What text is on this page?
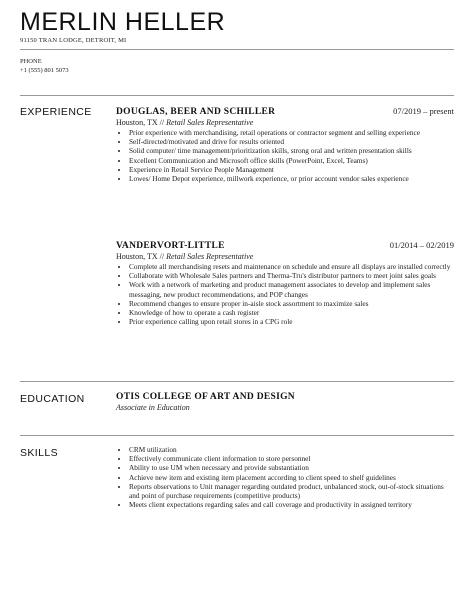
MERLIN HELLER
91150 TRAN LODGE, DETROIT, MI
PHONE
+1 (555) 801 5073
EXPERIENCE	DOUGLAS, BEER AND SCHILLER	07/2019 – present
Houston, TX // Retail Sales Representative
• Prior experience with merchandising, retail operations or contractor segment and selling experience
• Self-directed/motivated and drive for results oriented
• Solid computer/ time management/prioritization skills, strong oral and written presentation skills
• Excellent Communication and Microsoft office skills (PowerPoint, Excel, Teams)
• Experience in Retail Service People Management
• Lowes/ Home Depot experience, millwork experience, or prior account vendor sales experience
VANDERVORT-LITTLE	01/2014 – 02/2019
Houston, TX // Retail Sales Representative
• Complete all merchandising resets and maintenance on schedule and ensure all displays are installed correctly
• Collaborate with Wholesale Sales partners and Therma-Tru's distributor partners to meet joint sales goals
• Work with a network of marketing and product management associates to develop and implement sales messaging, new product recommendations, and POP changes
• Recommend changes to ensure proper in-aisle stock assortment to maximize sales
• Knowledge of how to operate a cash register
• Prior experience calling upon retail stores in a CPG role
EDUCATION	OTIS COLLEGE OF ART AND DESIGN
Associate in Education
SKILLS
•	CRM utilization
• Effectively communicate client information to store personnel
• Ability to use UM when necessary and provide substantiation
• Achieve new item and existing item placement according to client speed to shelf guidelines
• Reports observations to Unit manager regarding outdated product, unbalanced stock, out-of-stock situations and point of purchase requirements (competitive products)
• Meets client expectations regarding sales and call coverage and productivity in assigned territory
